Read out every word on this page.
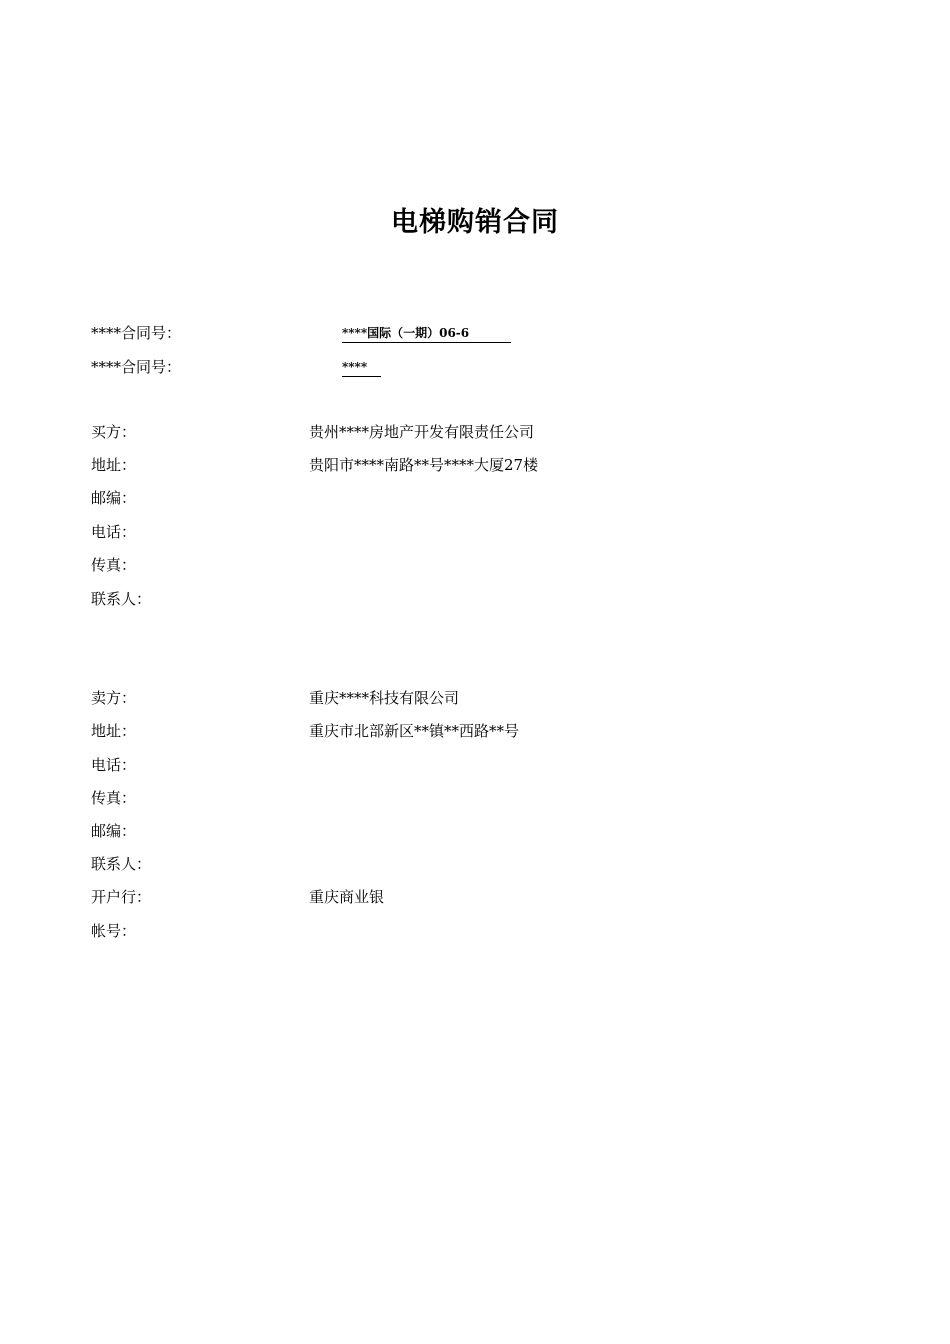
电梯购销合同
****合同号：	****国际（一期）06-6
****合同号：	****
买方：	贵州****房地产开发有限责任公司
地址：	贵阳市****南路**号****大厦27楼
邮编：
电话：
传真：
联系人：
卖方：	重庆****科技有限公司
地址：	重庆市北部新区**镇**西路**号
电话：
传真：
邮编：
联系人：
开户行：	重庆商业银
帐号：
